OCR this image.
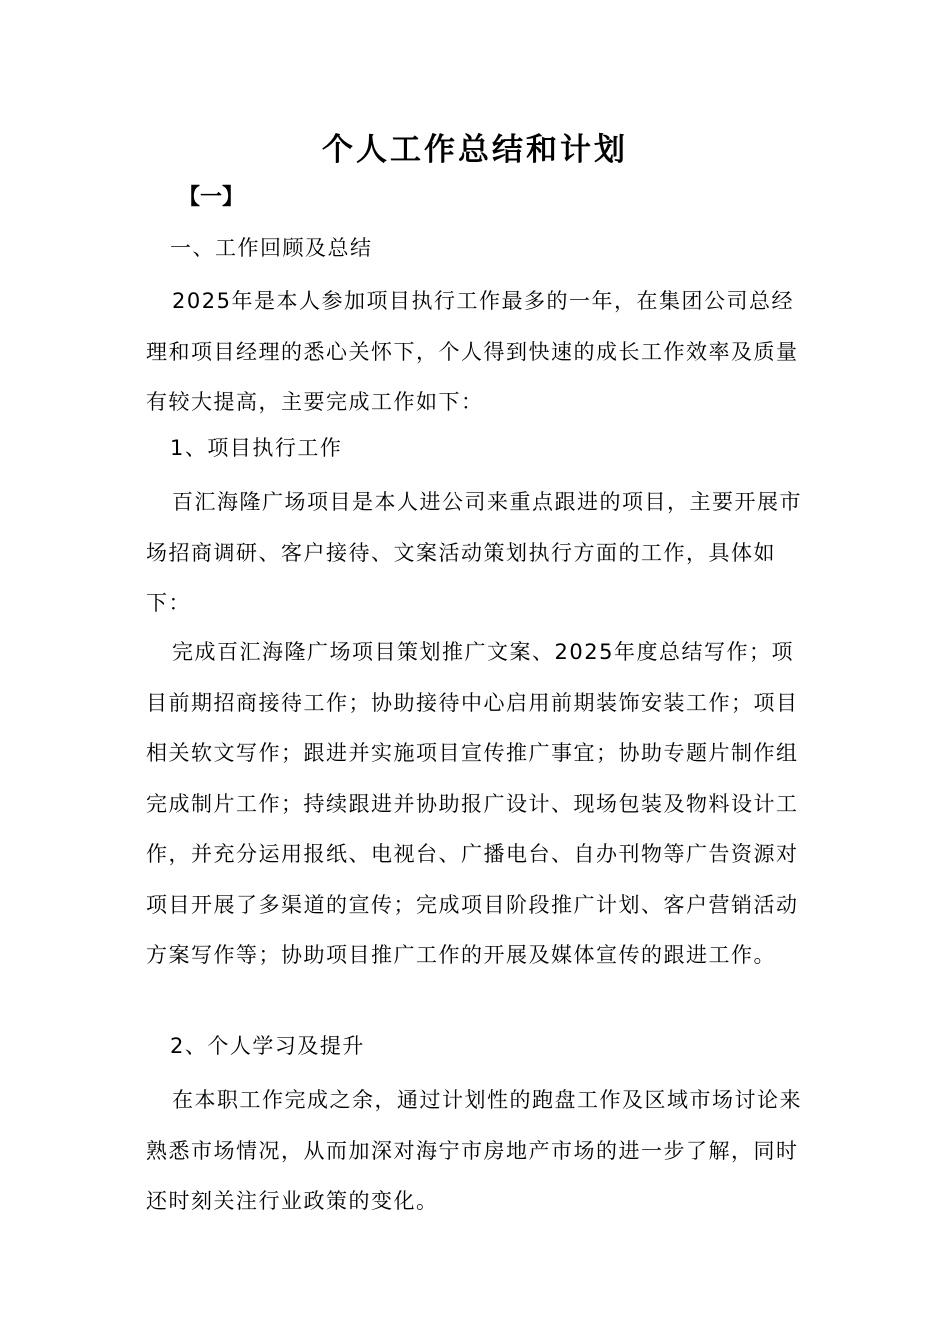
个人工作总结和计划
【一】
一、工作回顾及总结

2025年是本人参加项目执行工作最多的一年，在集团公司总经理和项目经理的悉心关怀下，个人得到快速的成长工作效率及质量有较大提高，主要完成工作如下：

1、项目执行工作

百汇海隆广场项目是本人进公司来重点跟进的项目，主要开展市场招商调研、客户接待、文案活动策划执行方面的工作，具体如下：

完成百汇海隆广场项目策划推广文案、2025年度总结写作；项目前期招商接待工作；协助接待中心启用前期装饰安装工作；项目相关软文写作；跟进并实施项目宣传推广事宜；协助专题片制作组完成制片工作；持续跟进并协助报广设计、现场包装及物料设计工作，并充分运用报纸、电视台、广播电台、自办刊物等广告资源对项目开展了多渠道的宣传；完成项目阶段推广计划、客户营销活动方案写作等；协助项目推广工作的开展及媒体宣传的跟进工作。

2、个人学习及提升

在本职工作完成之余，通过计划性的跑盘工作及区域市场讨论来熟悉市场情况，从而加深对海宁市房地产市场的进一步了解，同时还时刻关注行业政策的变化。
